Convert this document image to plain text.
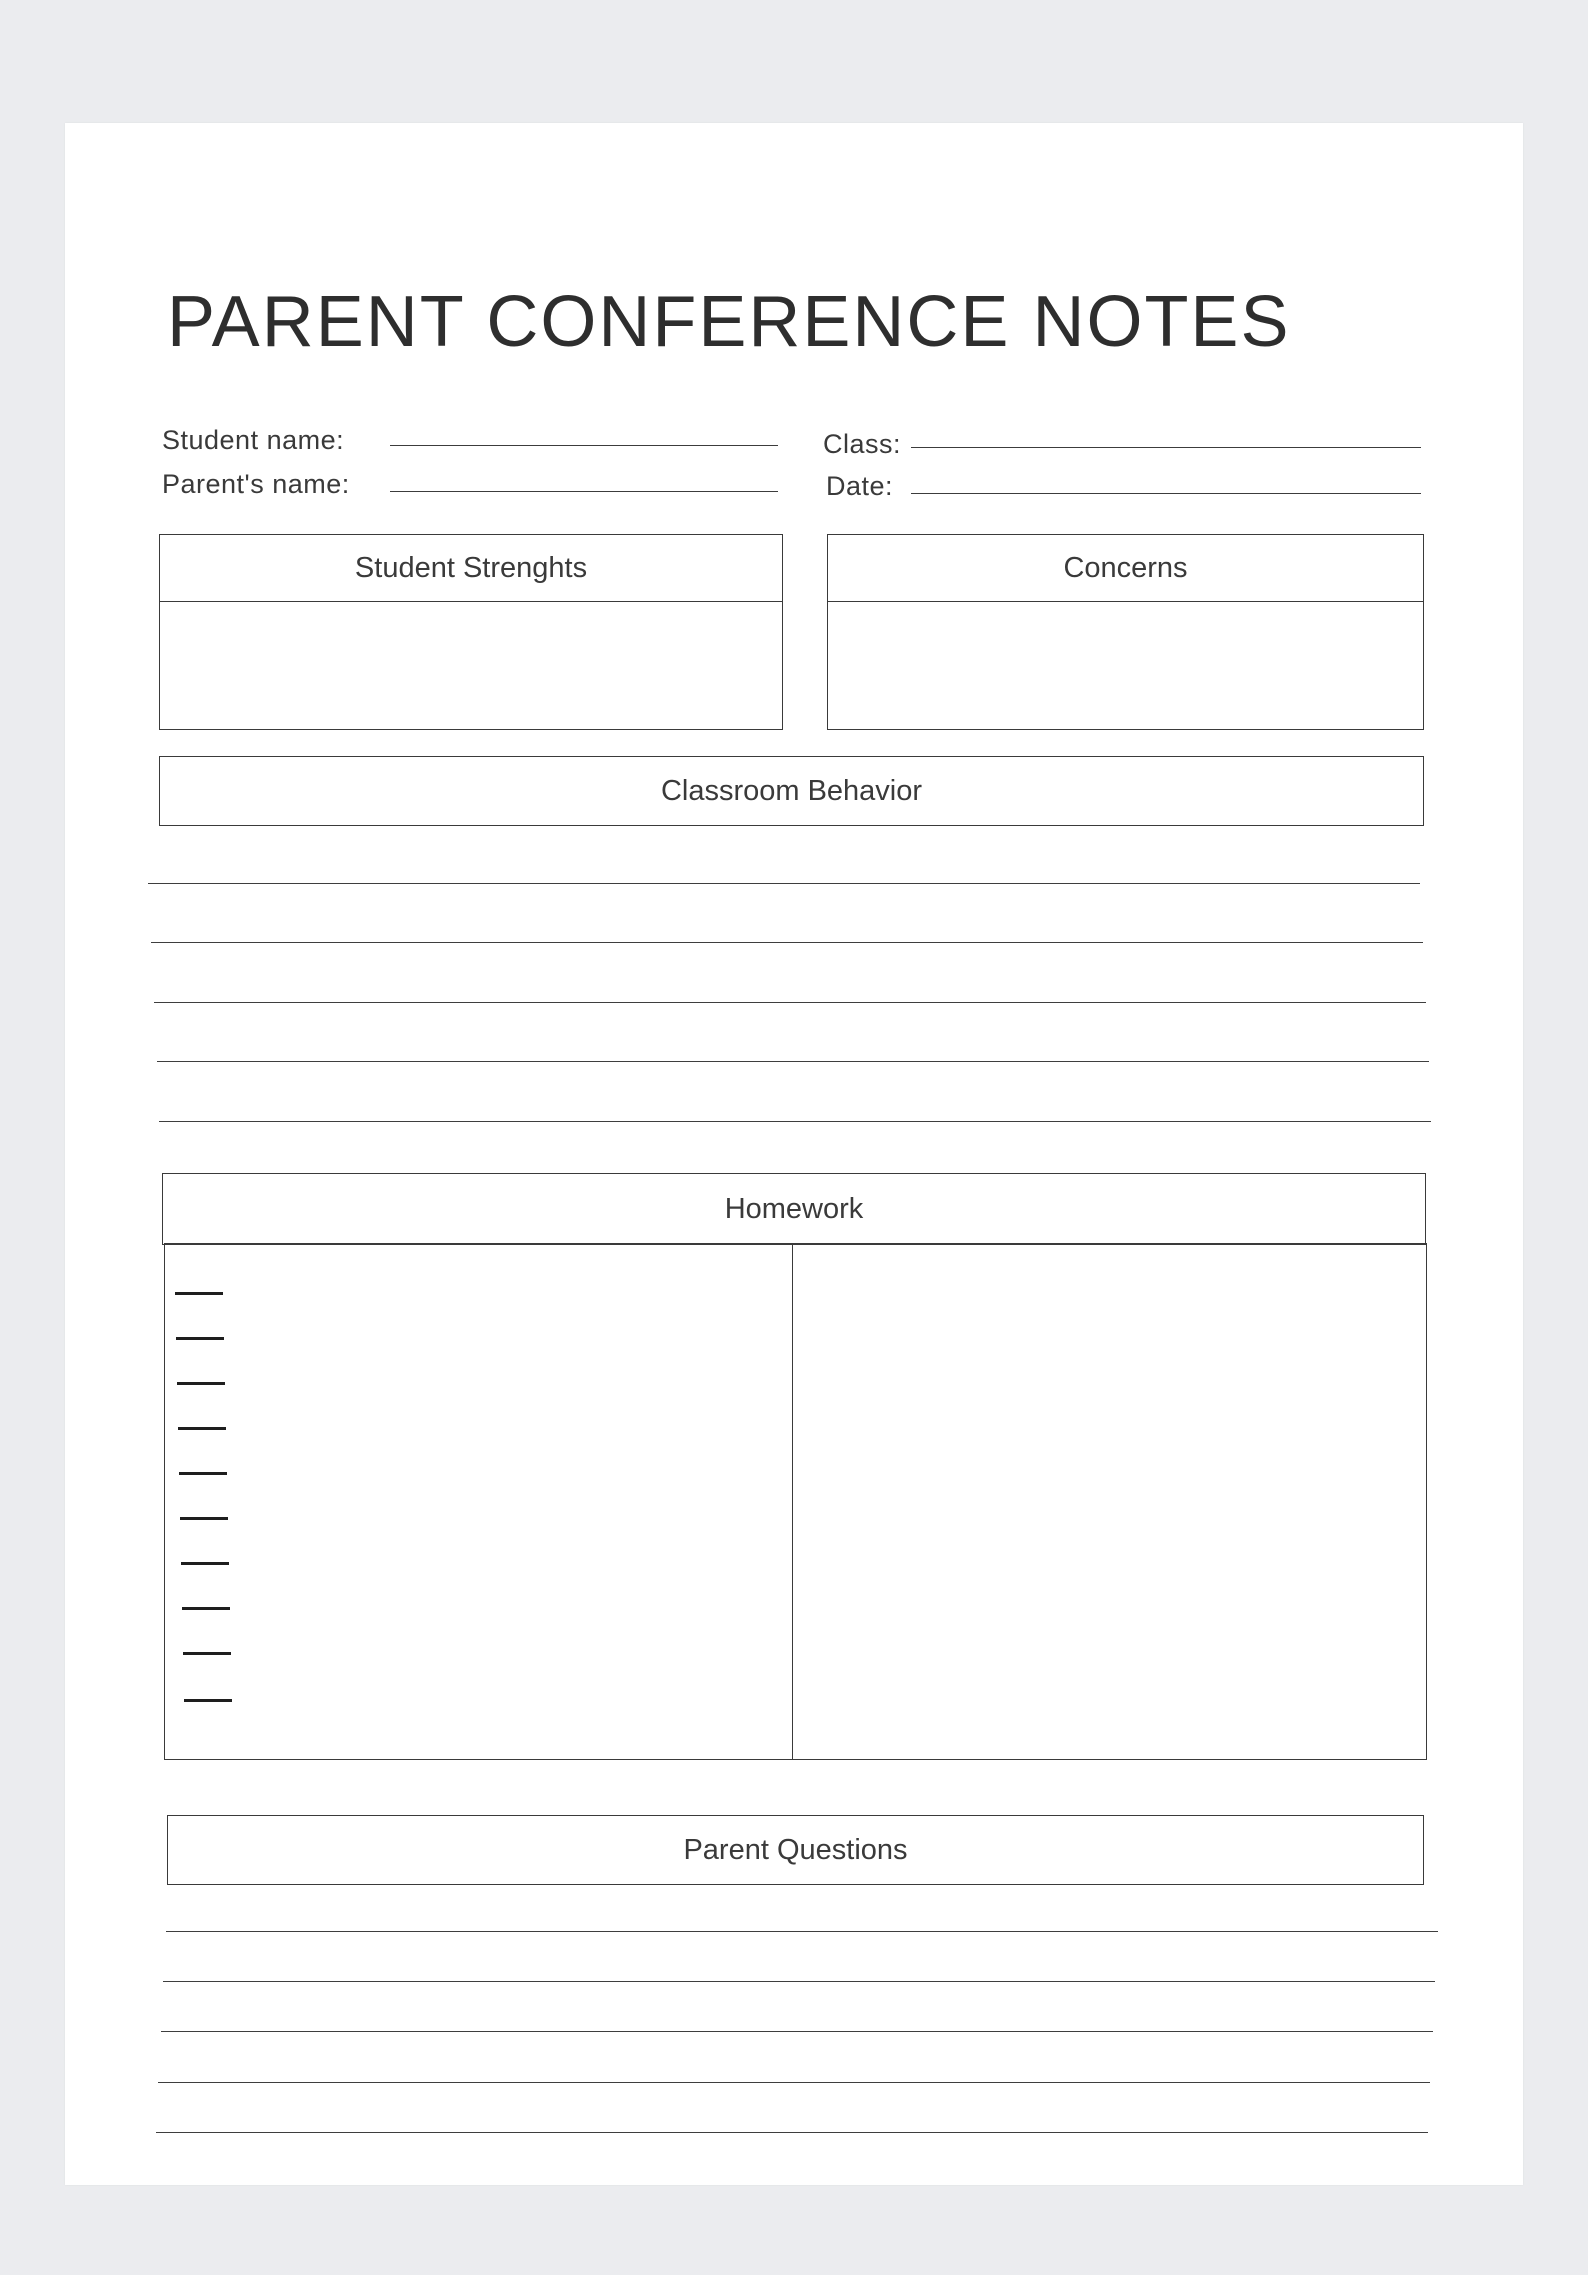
PARENT CONFERENCE NOTES
Student name:
Parent's name:
Class:
Date:
Student Strenghts	Concerns
Classroom Behavior
Homework
Parent Questions
